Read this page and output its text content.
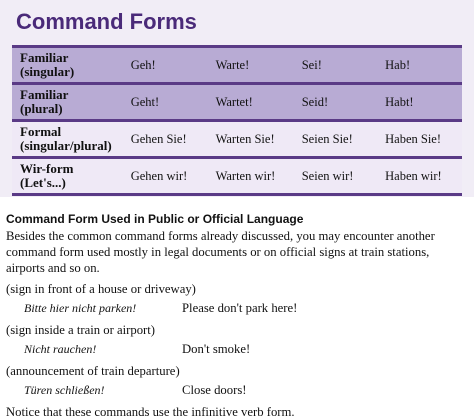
Command Forms
Familiar
(singular)	Geh!	Warte!	Sei!	Hab!
Familiar
(plural)	Geht!	Wartet!	Seid!	Habt!
Formal
(singular/plural)	Gehen Sie!	Warten Sie!	Seien Sie!	Haben Sie!
Wir-form
(Let's...)	Gehen wir!	Warten wir!	Seien wir!	Haben wir!
Command Form Used in Public or Official Language

Besides the common command forms already discussed, you may encounter another command form used mostly in legal documents or on official signs at train stations, airports and so on.

(sign in front of a house or driveway)

Bitte hier nicht parken!	Please don't park here!

(sign inside a train or airport)

Nicht rauchen!	Don't smoke!

(announcement of train departure)

Türen schließen!	Close doors!

Notice that these commands use the infinitive verb form.
